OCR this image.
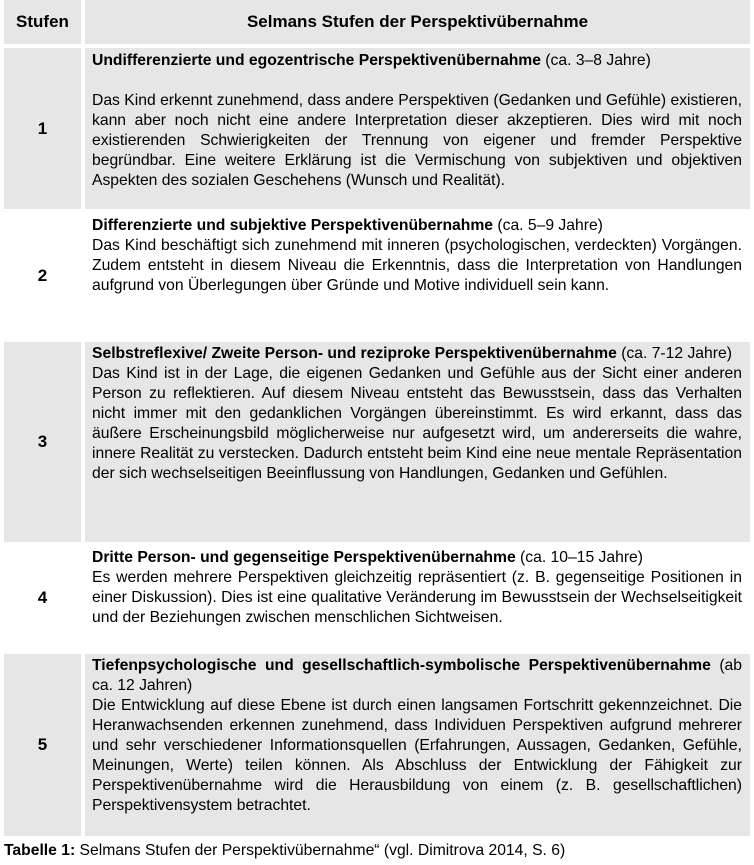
Stufen	Selmans Stufen der Perspektivübernahme
1

Undifferenzierte und egozentrische Perspektivenübernahme (ca. 3–8 Jahre)

Das Kind erkennt zunehmend, dass andere Perspektiven (Gedanken und Gefühle) existieren, kann aber noch nicht eine andere Interpretation dieser akzeptieren. Dies wird mit noch existierenden Schwierigkeiten der Trennung von eigener und fremder Perspektive begründbar. Eine weitere Erklärung ist die Vermischung von subjektiven und objektiven Aspekten des sozialen Geschehens (Wunsch und Realität).

2

Differenzierte und subjektive Perspektivenübernahme (ca. 5–9 Jahre)

Das Kind beschäftigt sich zunehmend mit inneren (psychologischen, verdeckten) Vorgängen. Zudem entsteht in diesem Niveau die Erkenntnis, dass die Interpretation von Handlungen aufgrund von Überlegungen über Gründe und Motive individuell sein kann.

3

Selbstreflexive/ Zweite Person- und reziproke Perspektivenübernahme (ca. 7-12 Jahre)

Das Kind ist in der Lage, die eigenen Gedanken und Gefühle aus der Sicht einer anderen Person zu reflektieren. Auf diesem Niveau entsteht das Bewusstsein, dass das Verhalten nicht immer mit den gedanklichen Vorgängen übereinstimmt. Es wird erkannt, dass das äußere Erscheinungsbild möglicherweise nur aufgesetzt wird, um andererseits die wahre, innere Realität zu verstecken. Dadurch entsteht beim Kind eine neue mentale Repräsentation der sich wechselseitigen Beeinflussung von Handlungen, Gedanken und Gefühlen.

4

Dritte Person- und gegenseitige Perspektivenübernahme (ca. 10–15 Jahre)

Es werden mehrere Perspektiven gleichzeitig repräsentiert (z. B. gegenseitige Positionen in einer Diskussion). Dies ist eine qualitative Veränderung im Bewusstsein der Wechselseitigkeit und der Beziehungen zwischen menschlichen Sichtweisen.

5

Tiefenpsychologische und gesellschaftlich-symbolische Perspektivenübernahme (ab ca. 12 Jahren)

Die Entwicklung auf diese Ebene ist durch einen langsamen Fortschritt gekennzeichnet. Die Heranwachsenden erkennen zunehmend, dass Individuen Perspektiven aufgrund mehrerer und sehr verschiedener Informationsquellen (Erfahrungen, Aussagen, Gedanken, Gefühle, Meinungen, Werte) teilen können. Als Abschluss der Entwicklung der Fähigkeit zur Perspektivenübernahme wird die Herausbildung von einem (z. B. gesellschaftlichen) Perspektivensystem betrachtet.

Tabelle 1: Selmans Stufen der Perspektivübernahme“ (vgl. Dimitrova 2014, S. 6)
